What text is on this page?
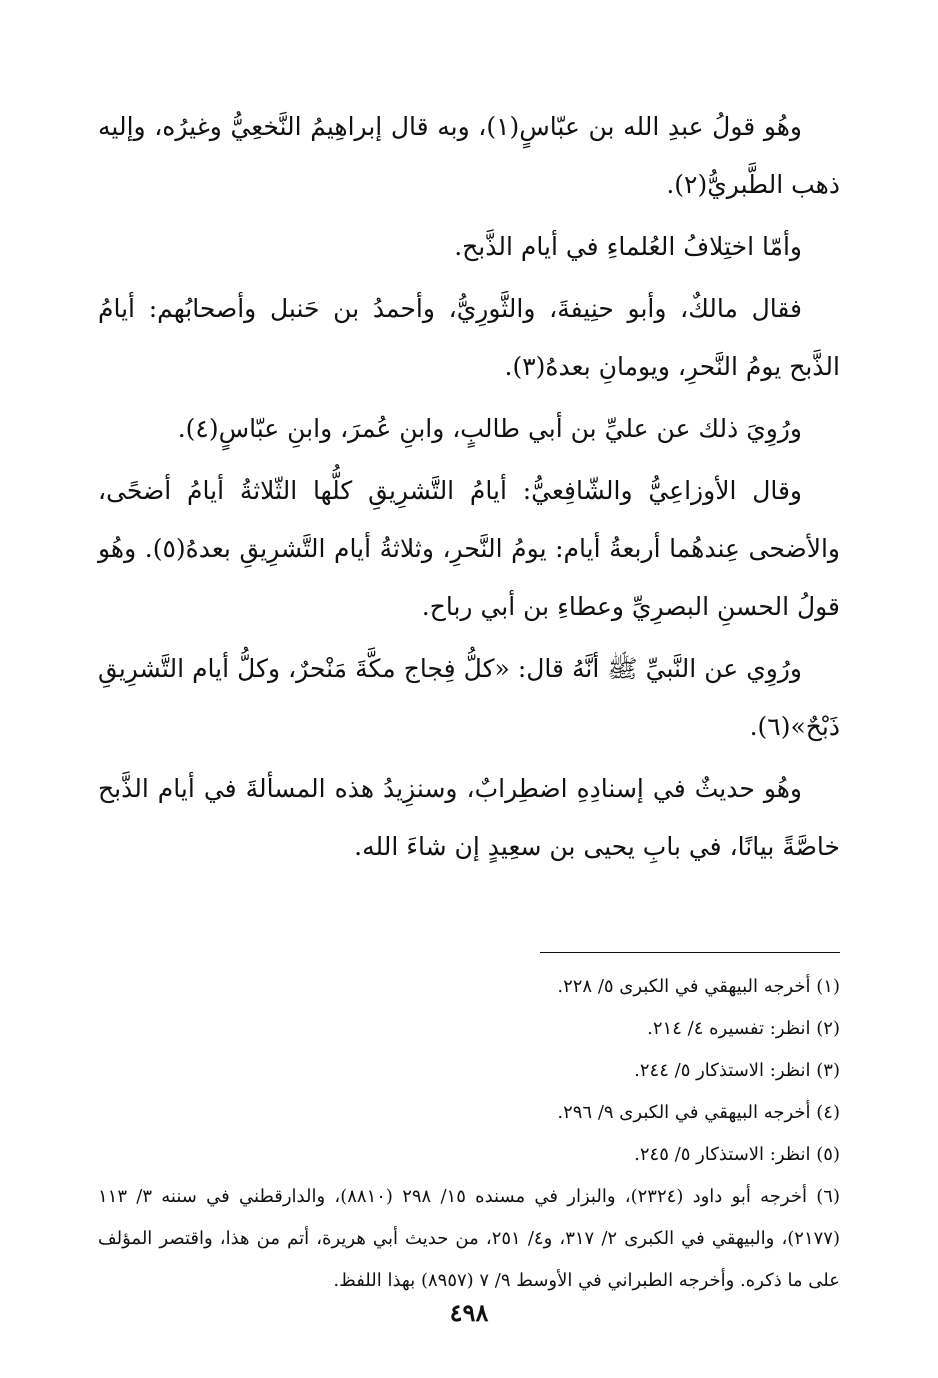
وهُو قولُ عبدِ الله بن عبّاسٍ(١)، وبه قال إبراهِيمُ النَّخعِيُّ وغيرُه، وإليه ذهب الطَّبريُّ(٢).

وأمّا اختِلافُ العُلماءِ في أيام الذَّبح.

فقال مالكٌ، وأبو حنِيفةَ، والثَّورِيُّ، وأحمدُ بن حَنبل وأصحابُهم: أيامُ الذَّبح يومُ النَّحرِ، ويومانِ بعدهُ(٣).

ورُوِيَ ذلك عن عليِّ بن أبي طالبٍ، وابنِ عُمرَ، وابنِ عبّاسٍ(٤).

وقال الأوزاعِيُّ والشّافِعيُّ: أيامُ التَّشرِيقِ كلُّها الثّلاثةُ أيامُ أضحًى، والأضحى عِندهُما أربعةُ أيام: يومُ النَّحرِ، وثلاثةُ أيام التَّشرِيقِ بعدهُ(٥). وهُو قولُ الحسنِ البصرِيِّ وعطاءِ بن أبي رباح.

ورُوِي عن النَّبيِّ ﷺ أنَّهُ قال: «كلُّ فِجاج مكَّةَ مَنْحرٌ، وكلُّ أيام التَّشرِيقِ ذَبْحٌ»(٦).

وهُو حديثٌ في إسنادِهِ اضطِرابٌ، وسنزِيدُ هذه المسألةَ في أيام الذَّبح خاصَّةً بيانًا، في بابِ يحيى بن سعِيدٍ إن شاءَ الله.

(١) أخرجه البيهقي في الكبرى ٥/ ٢٢٨.

(٢) انظر: تفسيره ٤/ ٢١٤.

(٣) انظر: الاستذكار ٥/ ٢٤٤.

(٤) أخرجه البيهقي في الكبرى ٩/ ٢٩٦.

(٥) انظر: الاستذكار ٥/ ٢٤٥.

(٦) أخرجه أبو داود (٢٣٢٤)، والبزار في مسنده ١٥/ ٢٩٨ (٨٨١٠)، والدارقطني في سننه ٣/ ١١٣ (٢١٧٧)، والبيهقي في الكبرى ٢/ ٣١٧، و٤/ ٢٥١، من حديث أبي هريرة، أتم من هذا، واقتصر المؤلف على ما ذكره. وأخرجه الطبراني في الأوسط ٩/ ٧ (٨٩٥٧) بهذا اللفظ.

٤٩٨
